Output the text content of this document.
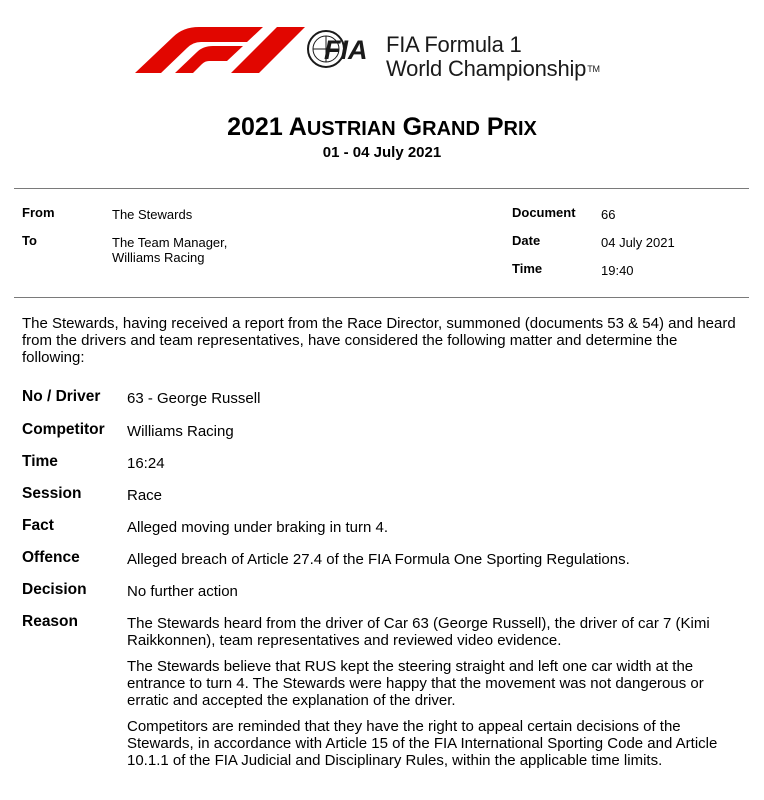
FIA FIA Formula 1
World ChampionshipTM
2021 AUSTRIAN GRAND PRIX
01 - 04 July 2021
From	The Stewards
To	The Team Manager,
Williams Racing
Document 66
Date	04 July 2021
Time	19:40
The Stewards, having received a report from the Race Director, summoned (documents 53 & 54) and heard from the drivers and team representatives, have considered the following matter and determine the following:
No / Driver 63 - George Russell
Competitor Williams Racing
Time	16:24
Session	Race
Fact	Alleged moving under braking in turn 4.
Offence	Alleged breach of Article 27.4 of the FIA Formula One Sporting Regulations.
Decision	No further action
Reason	The Stewards heard from the driver of Car 63 (George Russell), the driver of car 7 (Kimi Raikkonnen), team representatives and reviewed video evidence.

The Stewards believe that RUS kept the steering straight and left one car width at the entrance to turn 4. The Stewards were happy that the movement was not dangerous or erratic and accepted the explanation of the driver.

Competitors are reminded that they have the right to appeal certain decisions of the Stewards, in accordance with Article 15 of the FIA International Sporting Code and Article 10.1.1 of the FIA Judicial and Disciplinary Rules, within the applicable time limits.
